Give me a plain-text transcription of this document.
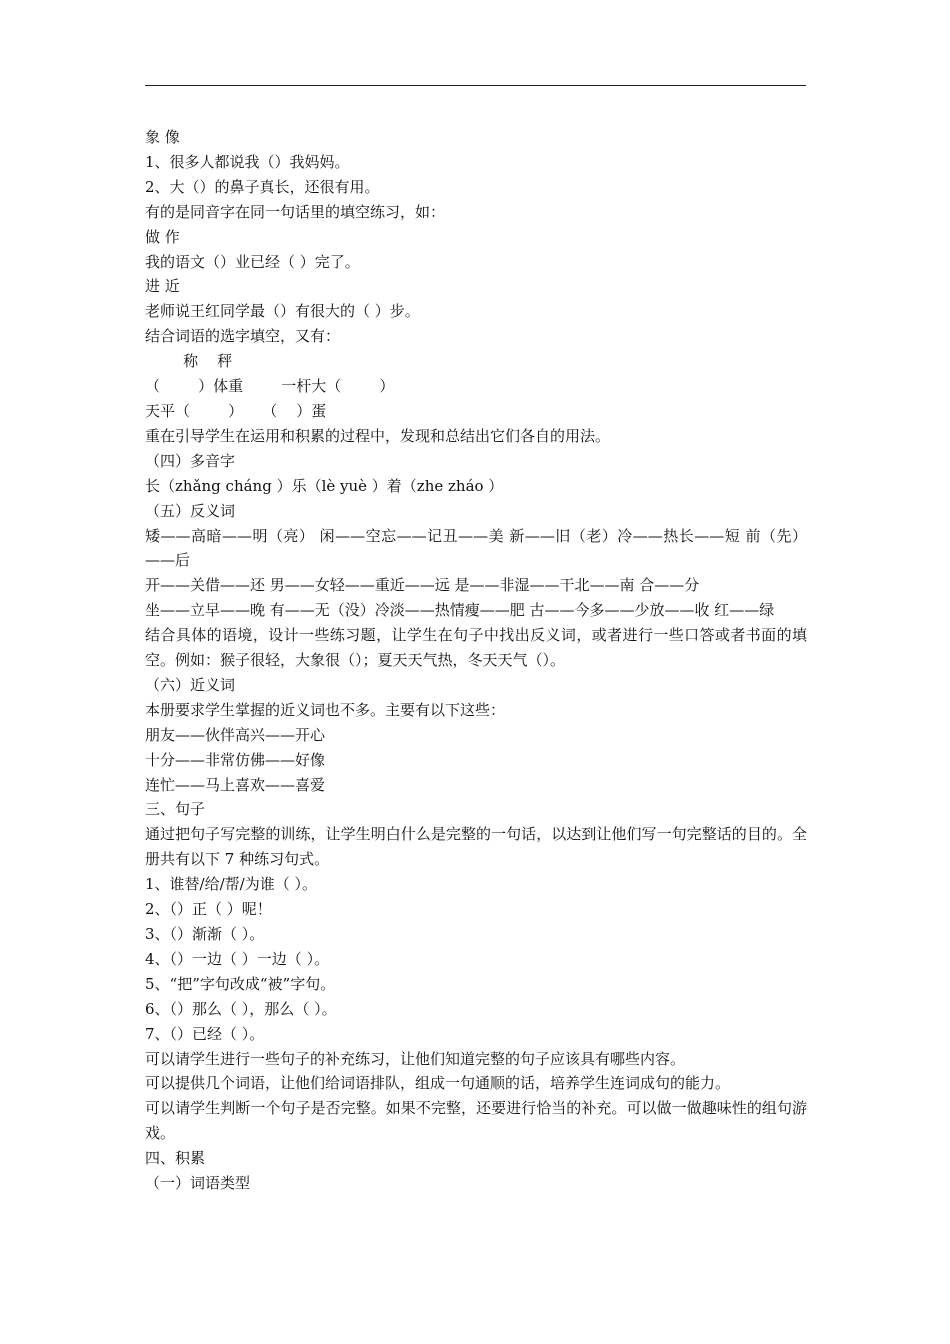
象 像

1、很多人都说我（）我妈妈。

2、大（）的鼻子真长，还很有用。

有的是同音字在同一句话里的填空练习，如：

做 作

我的语文（）业已经（ ）完了。

进 近

老师说王红同学最（）有很大的（ ）步。

结合词语的选字填空，又有：

称    秤

（        ）体重        一杆大（        ）

天平（        ）    （    ）蛋

重在引导学生在运用和积累的过程中，发现和总结出它们各自的用法。

（四）多音字

长（zhǎng cháng ）乐（lè yuè ）着（zhe zháo ）

（五）反义词

矮——高暗——明（亮） 闲——空忘——记丑——美 新——旧（老）冷——热长——短 前（先）——后

开——关借——还 男——女轻——重近——远 是——非湿——干北——南 合——分

坐——立早——晚 有——无（没）冷淡——热情瘦——肥 古——今多——少放——收 红——绿

结合具体的语境，设计一些练习题，让学生在句子中找出反义词，或者进行一些口答或者书面的填空。例如：猴子很轻，大象很（）；夏天天气热，冬天天气（）。

（六）近义词

本册要求学生掌握的近义词也不多。主要有以下这些：

朋友——伙伴高兴——开心

十分——非常仿佛——好像

连忙——马上喜欢——喜爱

三、句子

通过把句子写完整的训练，让学生明白什么是完整的一句话，以达到让他们写一句完整话的目的。全册共有以下 7 种练习句式。

1、谁替/给/帮/为谁（ ）。

2、（）正（ ）呢！

3、（）渐渐（ ）。

4、（）一边（ ）一边（ ）。

5、“把”字句改成“被”字句。

6、（）那么（ ），那么（ ）。

7、（）已经（ ）。

可以请学生进行一些句子的补充练习，让他们知道完整的句子应该具有哪些内容。

可以提供几个词语，让他们给词语排队，组成一句通顺的话，培养学生连词成句的能力。

可以请学生判断一个句子是否完整。如果不完整，还要进行恰当的补充。可以做一做趣味性的组句游戏。

四、积累

（一）词语类型
